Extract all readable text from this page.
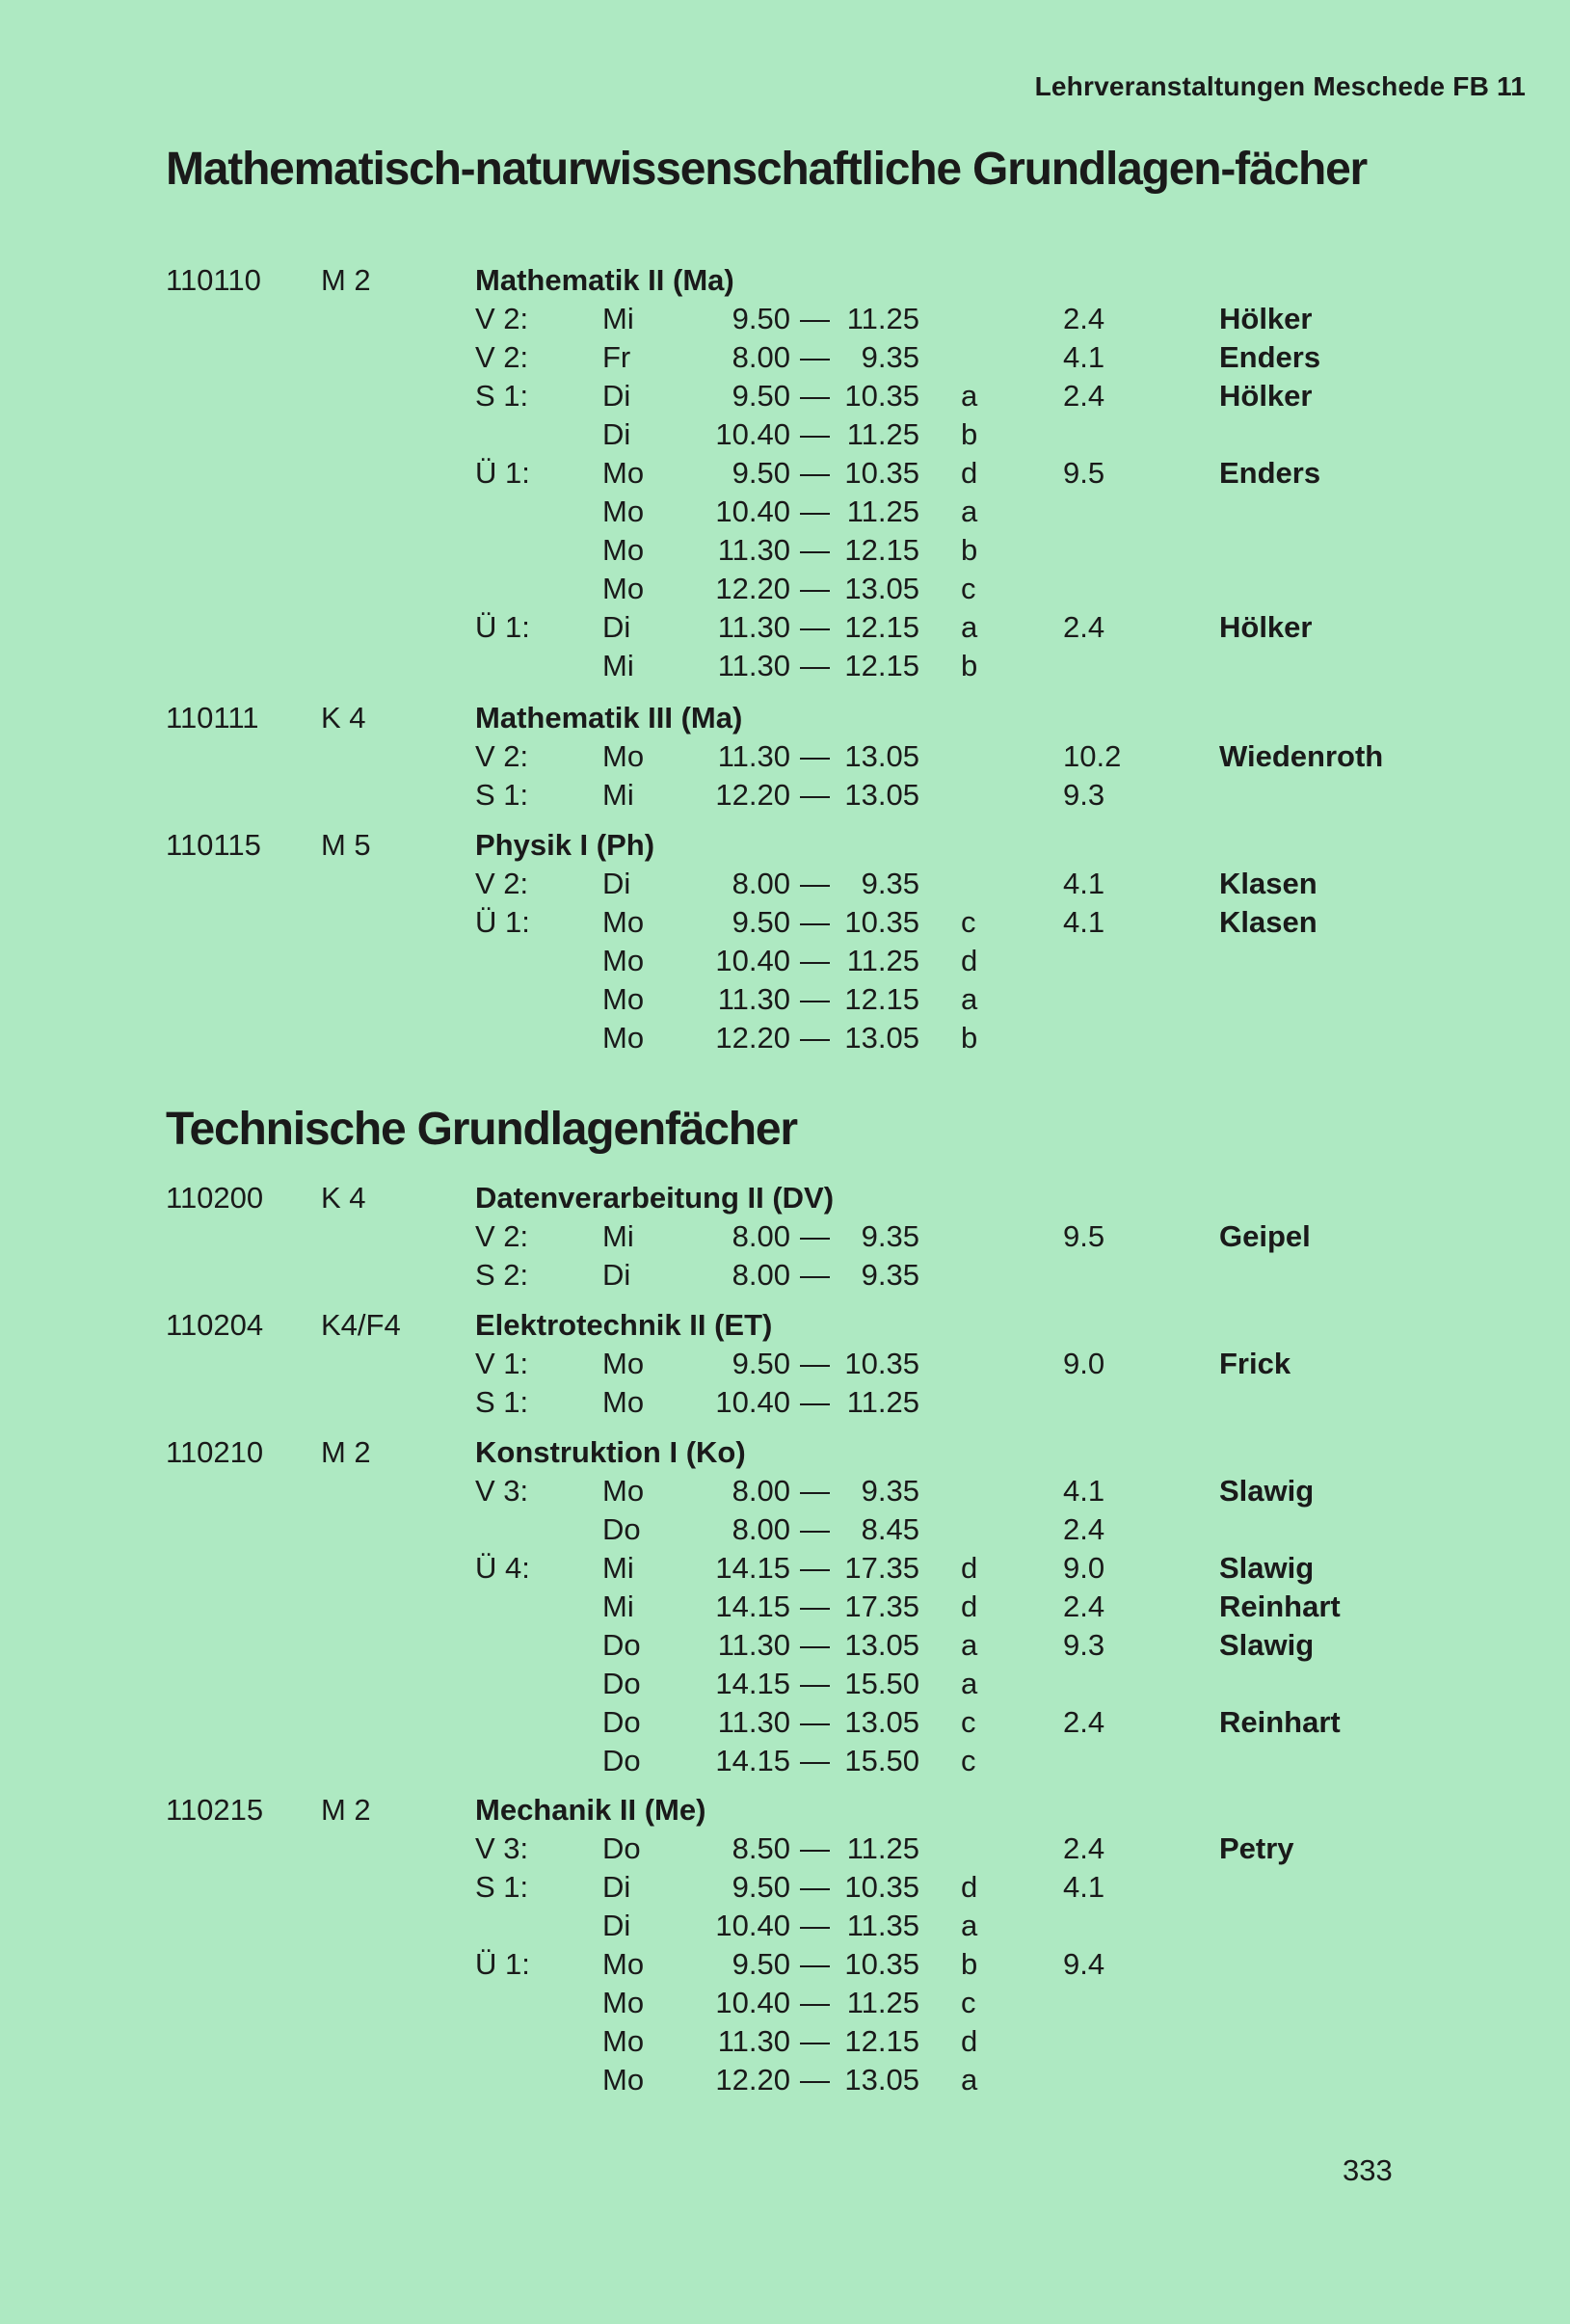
Lehrveranstaltungen Meschede FB 11
Mathematisch-naturwissenschaftliche Grundlagen-fächer
Technische Grundlagenfächer
110110 M 2	Mathematik II (Ma)
V 2: Mi	9.50 — 11.25	2.4	Hölker
V 2: Fr	8.00 —	9.35	4.1	Enders
S 1: Di	9.50 — 10.35 a	2.4	Hölker
Di	10.40 — 11.25 b
Ü 1: Mo	9.50 — 10.35 d	9.5	Enders
Mo	10.40 — 11.25 a
Mo	11.30 — 12.15 b
Mo	12.20 — 13.05 c
Ü 1: Di	11.30 — 12.15 a	2.4	Hölker
Mi	11.30 — 12.15 b
110111 K 4	Mathematik III (Ma)
V 2: Mo	11.30 — 13.05	10.2	Wiedenroth
S 1: Mi	12.20 — 13.05	9.3
110115 M 5	Physik I (Ph)
V 2: Di	8.00 —	9.35	4.1	Klasen
Ü 1: Mo	9.50 — 10.35 c	4.1	Klasen
Mo	10.40 — 11.25 d
Mo	11.30 — 12.15 a
Mo	12.20 — 13.05 b
110200 K 4	Datenverarbeitung II (DV)
V 2: Mi	8.00 —	9.35	9.5	Geipel
S 2: Di	8.00 —	9.35
110204 K4/F4 Elektrotechnik II (ET)
V 1: Mo	9.50 — 10.35	9.0	Frick
S 1: Mo	10.40 — 11.25
110210 M 2	Konstruktion I (Ko)
V 3: Mo	8.00 —	9.35	4.1	Slawig
Do	8.00 —	8.45	2.4
Ü 4: Mi	14.15 — 17.35 d	9.0	Slawig
Mi	14.15 — 17.35 d	2.4	Reinhart
Do	11.30 — 13.05 a	9.3	Slawig
Do	14.15 — 15.50 a
Do	11.30 — 13.05 c	2.4	Reinhart
Do	14.15 — 15.50 c
110215 M 2	Mechanik II (Me)
V 3: Do	8.50 — 11.25	2.4	Petry
S 1: Di	9.50 — 10.35 d	4.1
Di	10.40 — 11.35 a
Ü 1: Mo	9.50 — 10.35 b	9.4
Mo	10.40 — 11.25 c
Mo	11.30 — 12.15 d
Mo	12.20 — 13.05 a
333
